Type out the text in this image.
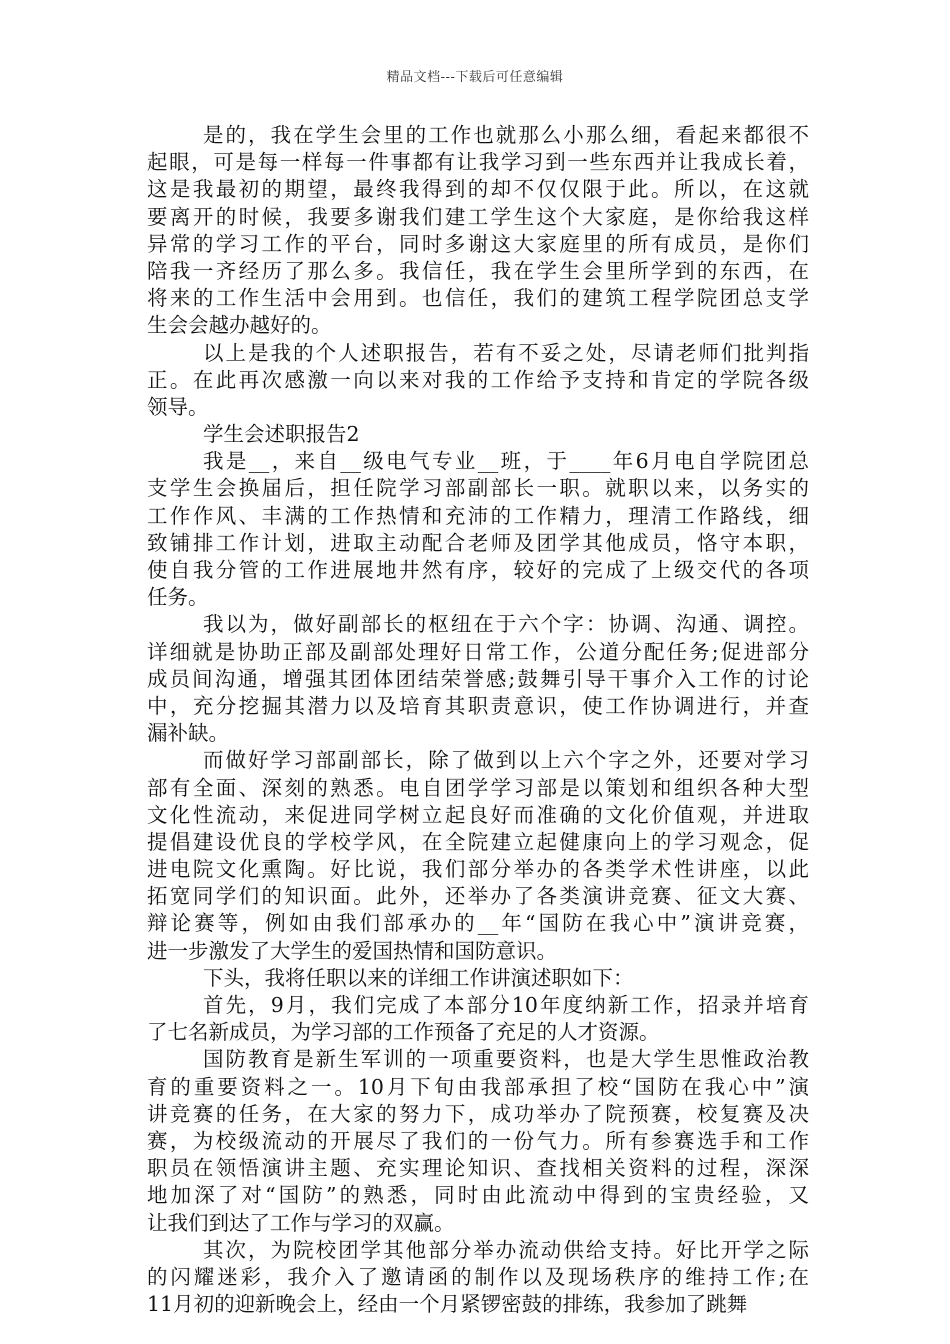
精品文档---下载后可任意编辑
是的，我在学生会里的工作也就那么小那么细，看起来都很不
起眼，可是每一样每一件事都有让我学习到一些东西并让我成长着，
这是我最初的期望，最终我得到的却不仅仅限于此。所以，在这就
要离开的时候，我要多谢我们建工学生这个大家庭，是你给我这样
异常的学习工作的平台，同时多谢这大家庭里的所有成员，是你们
陪我一齐经历了那么多。我信任，我在学生会里所学到的东西，在
将来的工作生活中会用到。也信任，我们的建筑工程学院团总支学
生会会越办越好的。
以上是我的个人述职报告，若有不妥之处，尽请老师们批判指
正。在此再次感激一向以来对我的工作给予支持和肯定的学院各级
领导。
学生会述职报告2
我是__，来自__级电气专业__班，于____年6月电自学院团总
支学生会换届后，担任院学习部副部长一职。就职以来，以务实的
工作作风、丰满的工作热情和充沛的工作精力，理清工作路线，细
致铺排工作计划，进取主动配合老师及团学其他成员，恪守本职，
使自我分管的工作进展地井然有序，较好的完成了上级交代的各项
任务。
我以为，做好副部长的枢纽在于六个字：协调、沟通、调控。
详细就是协助正部及副部处理好日常工作，公道分配任务;促进部分
成员间沟通，增强其团体团结荣誉感;鼓舞引导干事介入工作的讨论
中，充分挖掘其潜力以及培育其职责意识，使工作协调进行，并查
漏补缺。
而做好学习部副部长，除了做到以上六个字之外，还要对学习
部有全面、深刻的熟悉。电自团学学习部是以策划和组织各种大型
文化性流动，来促进同学树立起良好而准确的文化价值观，并进取
提倡建设优良的学校学风，在全院建立起健康向上的学习观念，促
进电院文化熏陶。好比说，我们部分举办的各类学术性讲座，以此
拓宽同学们的知识面。此外，还举办了各类演讲竞赛、征文大赛、
辩论赛等，例如由我们部承办的__年“国防在我心中”演讲竞赛，
进一步激发了大学生的爱国热情和国防意识。
下头，我将任职以来的详细工作讲演述职如下：
首先，9月，我们完成了本部分10年度纳新工作，招录并培育
了七名新成员，为学习部的工作预备了充足的人才资源。
国防教育是新生军训的一项重要资料，也是大学生思惟政治教
育的重要资料之一。10月下旬由我部承担了校“国防在我心中”演
讲竞赛的任务，在大家的努力下，成功举办了院预赛，校复赛及决
赛，为校级流动的开展尽了我们的一份气力。所有参赛选手和工作
职员在领悟演讲主题、充实理论知识、查找相关资料的过程，深深
地加深了对“国防”的熟悉，同时由此流动中得到的宝贵经验，又
让我们到达了工作与学习的双赢。
其次，为院校团学其他部分举办流动供给支持。好比开学之际
的闪耀迷彩，我介入了邀请函的制作以及现场秩序的维持工作;在
11月初的迎新晚会上，经由一个月紧锣密鼓的排练，我参加了跳舞
